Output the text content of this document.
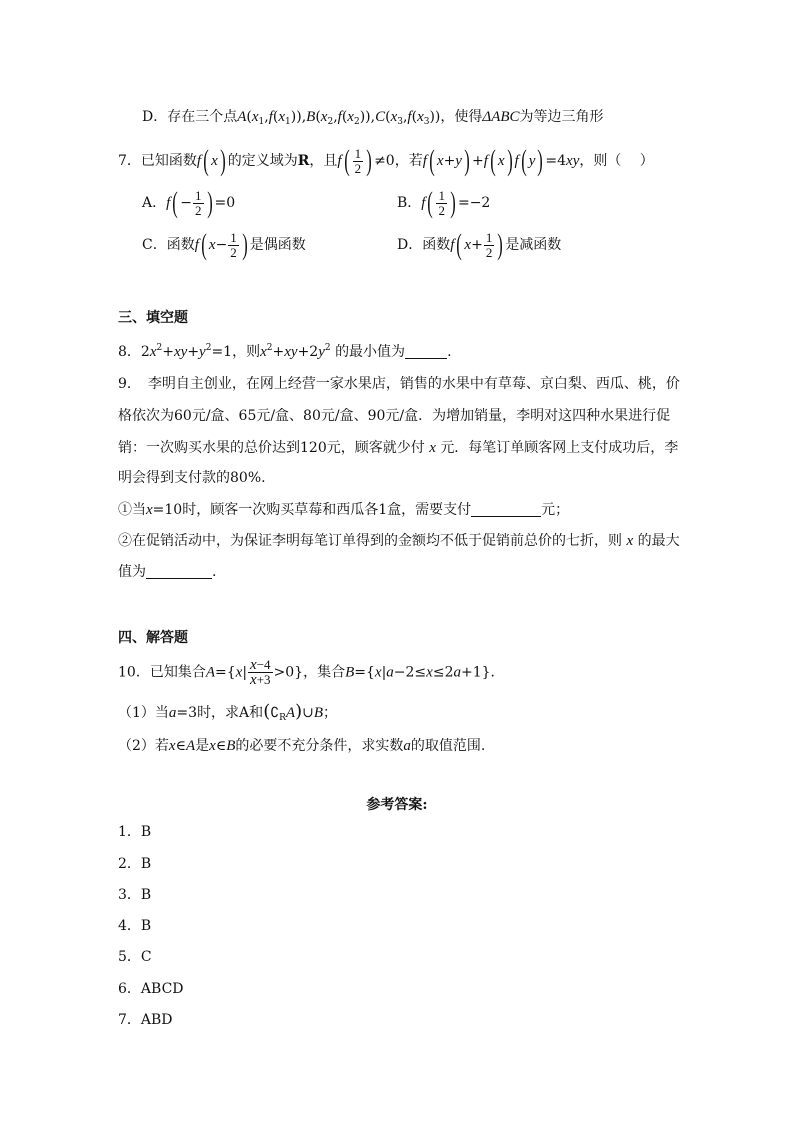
D．存在三个点$A(x_1,f(x_1)),B(x_2,f(x_2)),C(x_3,f(x_3))$，使得ΔABC为等边三角形
7．已知函数f( x) 的定义域为R，且$f( \frac{1}{2}$ ) ≠0，若f( x+y) +f( x) f( y) =4xy，则（　 ）
A．$f( - \frac{1}{2}$ ) =0	B．$f( \frac{1}{2}$ ) =−2
C．函数f( $x- \frac{1}{2}$ ) 是偶函数	D．函数f( $x+ \frac{1}{2}$ ) 是减函数
三、填空题
8．$2x^2+xy+y^2=1$，则$x^2+xy+2y^2$ 的最小值为	.
9．　李明自主创业，在网上经营一家水果店，销售的水果中有草莓、京白梨、西瓜、桃，价
格依次为60元/盒、65元/盒、80元/盒、90元/盒．为增加销量，李明对这四种水果进行促
销：一次购买水果的总价达到120元，顾客就少付 x 元．每笔订单顾客网上支付成功后，李
明会得到支付款的80%.
①当x=10时，顾客一次购买草莓和西瓜各1盒，需要支付	元；
②在促销活动中，为保证李明每笔订单得到的金额均不低于促销前总价的七折，则 x 的最大
值为	.
四、解答题
10．已知集合$A=\{x| \frac{x-4}{x+3} >0\}$，集合B={x|a−2≤x≤2a+1}．
（1）当a=3时，求A和$(∁_RA)\cup B$；
（2）若x∈A是x∈B的必要不充分条件，求实数a的取值范围.
参考答案:
1．B
2．B
3．B
4．B
5．C
6．ABCD
7．ABD
